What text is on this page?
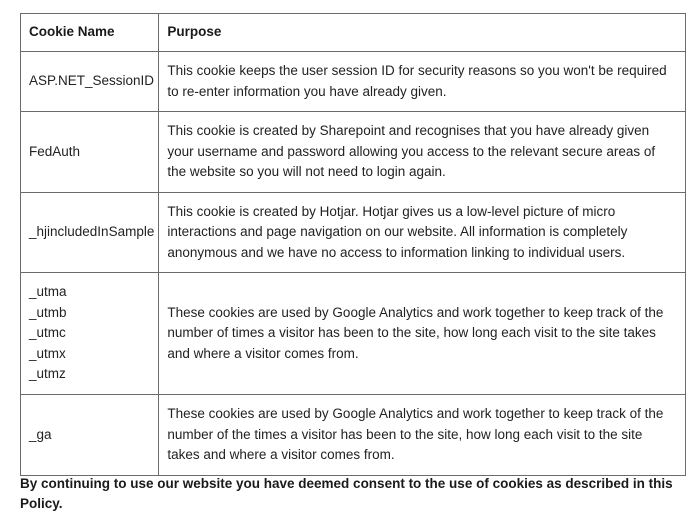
Cookie Name	Purpose

ASP.NET_SessionID	This cookie keeps the user session ID for security reasons so you won't be required to re-enter information you have already given.

FedAuth	This cookie is created by Sharepoint and recognises that you have already given your username and password allowing you access to the relevant secure areas of the website so you will not need to login again.

_hjincludedInSample	This cookie is created by Hotjar. Hotjar gives us a low-level picture of micro interactions and page navigation on our website. All information is completely anonymous and we have no access to information linking to individual users.

_utma
_utmb
_utmc
_utmx
_utmz	These cookies are used by Google Analytics and work together to keep track of the number of times a visitor has been to the site, how long each visit to the site takes and where a visitor comes from.

_ga	These cookies are used by Google Analytics and work together to keep track of the number of the times a visitor has been to the site, how long each visit to the site takes and where a visitor comes from.

By continuing to use our website you have deemed consent to the use of cookies as described in this Policy.
